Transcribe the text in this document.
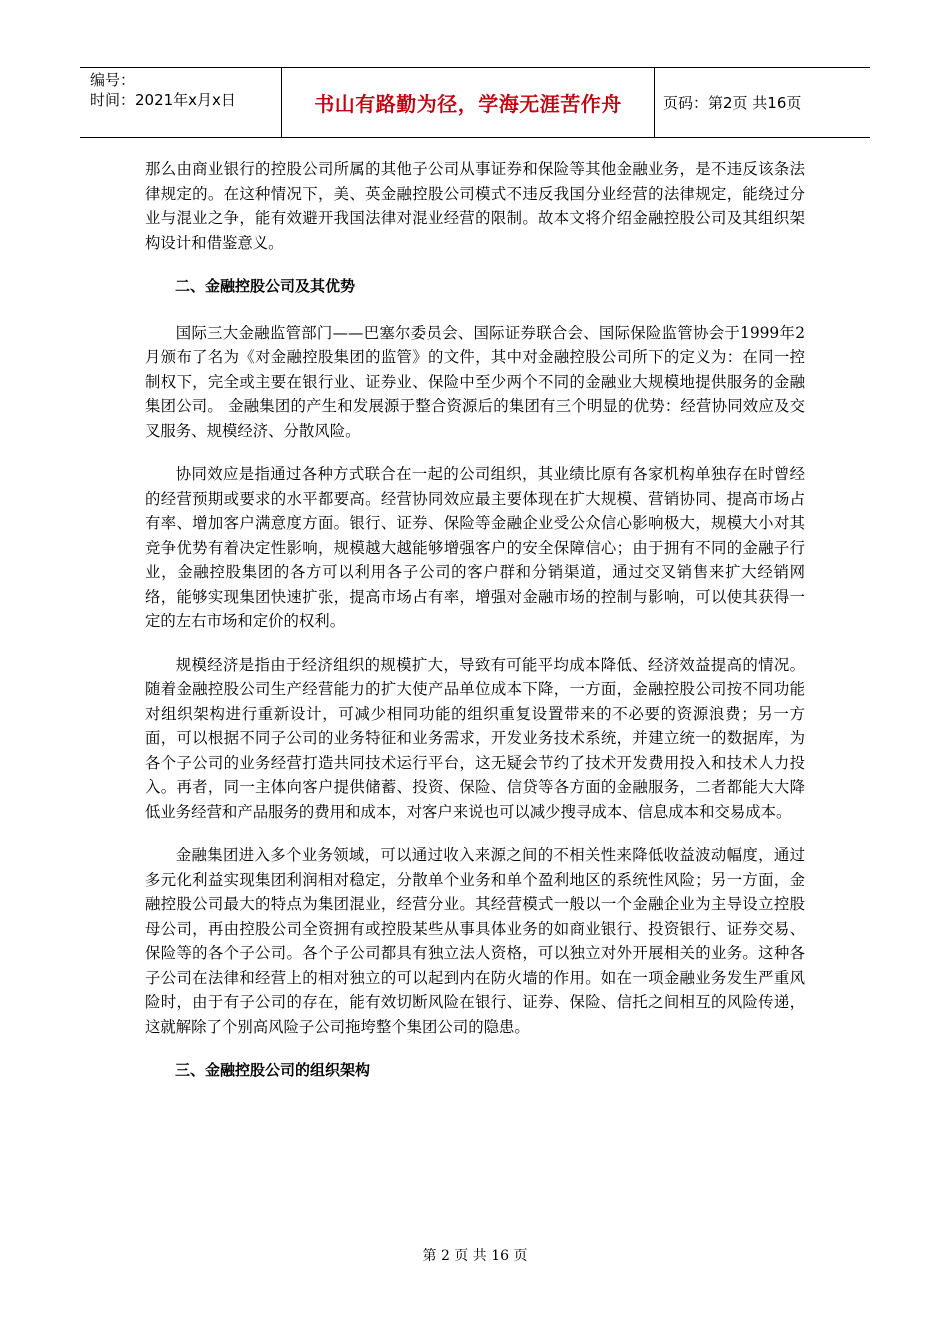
编号：
时间：2021年x月x日	书山有路勤为径，学海无涯苦作舟	页码：第2页 共16页

那么由商业银行的控股公司所属的其他子公司从事证券和保险等其他金融业务，是不违反该条法律规定的。在这种情况下，美、英金融控股公司模式不违反我国分业经营的法律规定，能绕过分业与混业之争，能有效避开我国法律对混业经营的限制。故本文将介绍金融控股公司及其组织架构设计和借鉴意义。

二、金融控股公司及其优势

国际三大金融监管部门——巴塞尔委员会、国际证券联合会、国际保险监管协会于1999年2月颁布了名为《对金融控股集团的监管》的文件，其中对金融控股公司所下的定义为：在同一控制权下，完全或主要在银行业、证券业、保险中至少两个不同的金融业大规模地提供服务的金融集团公司。 金融集团的产生和发展源于整合资源后的集团有三个明显的优势：经营协同效应及交叉服务、规模经济、分散风险。

协同效应是指通过各种方式联合在一起的公司组织，其业绩比原有各家机构单独存在时曾经的经营预期或要求的水平都要高。经营协同效应最主要体现在扩大规模、营销协同、提高市场占有率、增加客户满意度方面。银行、证券、保险等金融企业受公众信心影响极大，规模大小对其竞争优势有着决定性影响，规模越大越能够增强客户的安全保障信心；由于拥有不同的金融子行业，金融控股集团的各方可以利用各子公司的客户群和分销渠道，通过交叉销售来扩大经销网络，能够实现集团快速扩张，提高市场占有率，增强对金融市场的控制与影响，可以使其获得一定的左右市场和定价的权利。

规模经济是指由于经济组织的规模扩大，导致有可能平均成本降低、经济效益提高的情况。随着金融控股公司生产经营能力的扩大使产品单位成本下降，一方面，金融控股公司按不同功能对组织架构进行重新设计，可减少相同功能的组织重复设置带来的不必要的资源浪费；另一方面，可以根据不同子公司的业务特征和业务需求，开发业务技术系统，并建立统一的数据库，为各个子公司的业务经营打造共同技术运行平台，这无疑会节约了技术开发费用投入和技术人力投入。再者，同一主体向客户提供储蓄、投资、保险、信贷等各方面的金融服务，二者都能大大降低业务经营和产品服务的费用和成本，对客户来说也可以减少搜寻成本、信息成本和交易成本。

金融集团进入多个业务领域，可以通过收入来源之间的不相关性来降低收益波动幅度，通过多元化利益实现集团利润相对稳定，分散单个业务和单个盈利地区的系统性风险；另一方面，金融控股公司最大的特点为集团混业，经营分业。其经营模式一般以一个金融企业为主导设立控股母公司，再由控股公司全资拥有或控股某些从事具体业务的如商业银行、投资银行、证券交易、保险等的各个子公司。各个子公司都具有独立法人资格，可以独立对外开展相关的业务。这种各子公司在法律和经营上的相对独立的可以起到内在防火墙的作用。如在一项金融业务发生严重风险时，由于有子公司的存在，能有效切断风险在银行、证券、保险、信托之间相互的风险传递，这就解除了个别高风险子公司拖垮整个集团公司的隐患。

三、金融控股公司的组织架构

第 2 页 共 16 页
